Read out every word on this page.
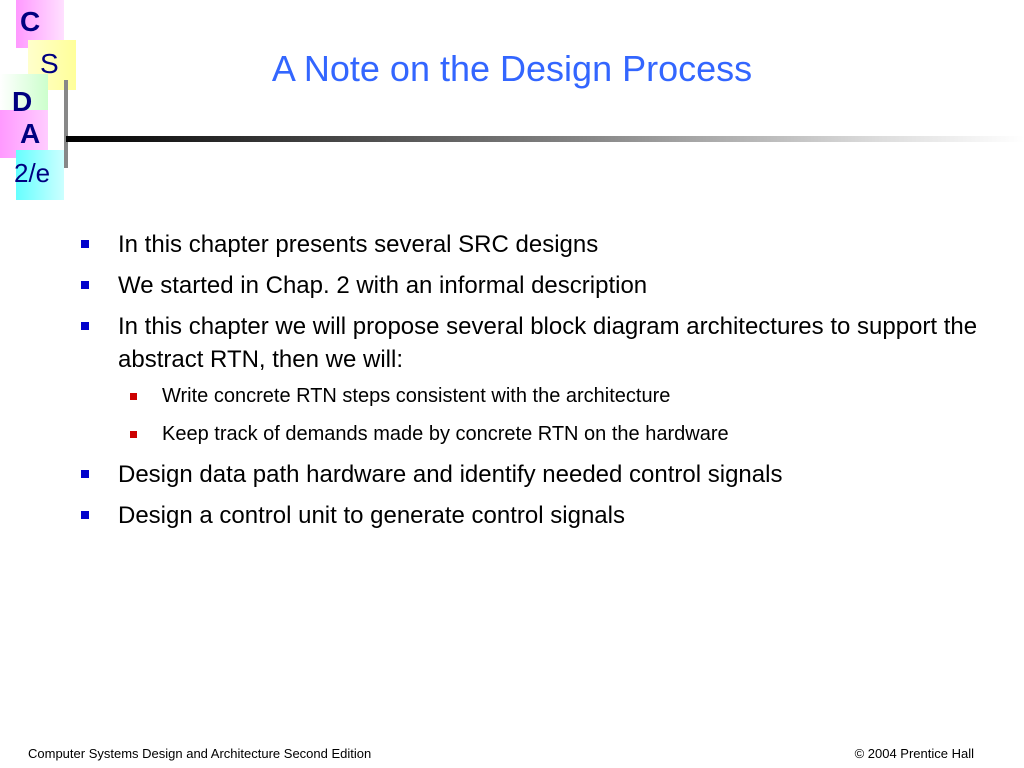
C
S
D
A
2/e
A Note on the Design Process
In this chapter presents several SRC designs
We started in Chap. 2 with an informal description
In this chapter we will propose several block diagram architectures to support the abstract RTN, then we will:
Write concrete RTN steps consistent with the architecture
Keep track of demands made by concrete RTN on the hardware
Design data path hardware and identify needed control signals
Design a control unit to generate control signals
Computer Systems Design and Architecture Second Edition	© 2004 Prentice Hall
